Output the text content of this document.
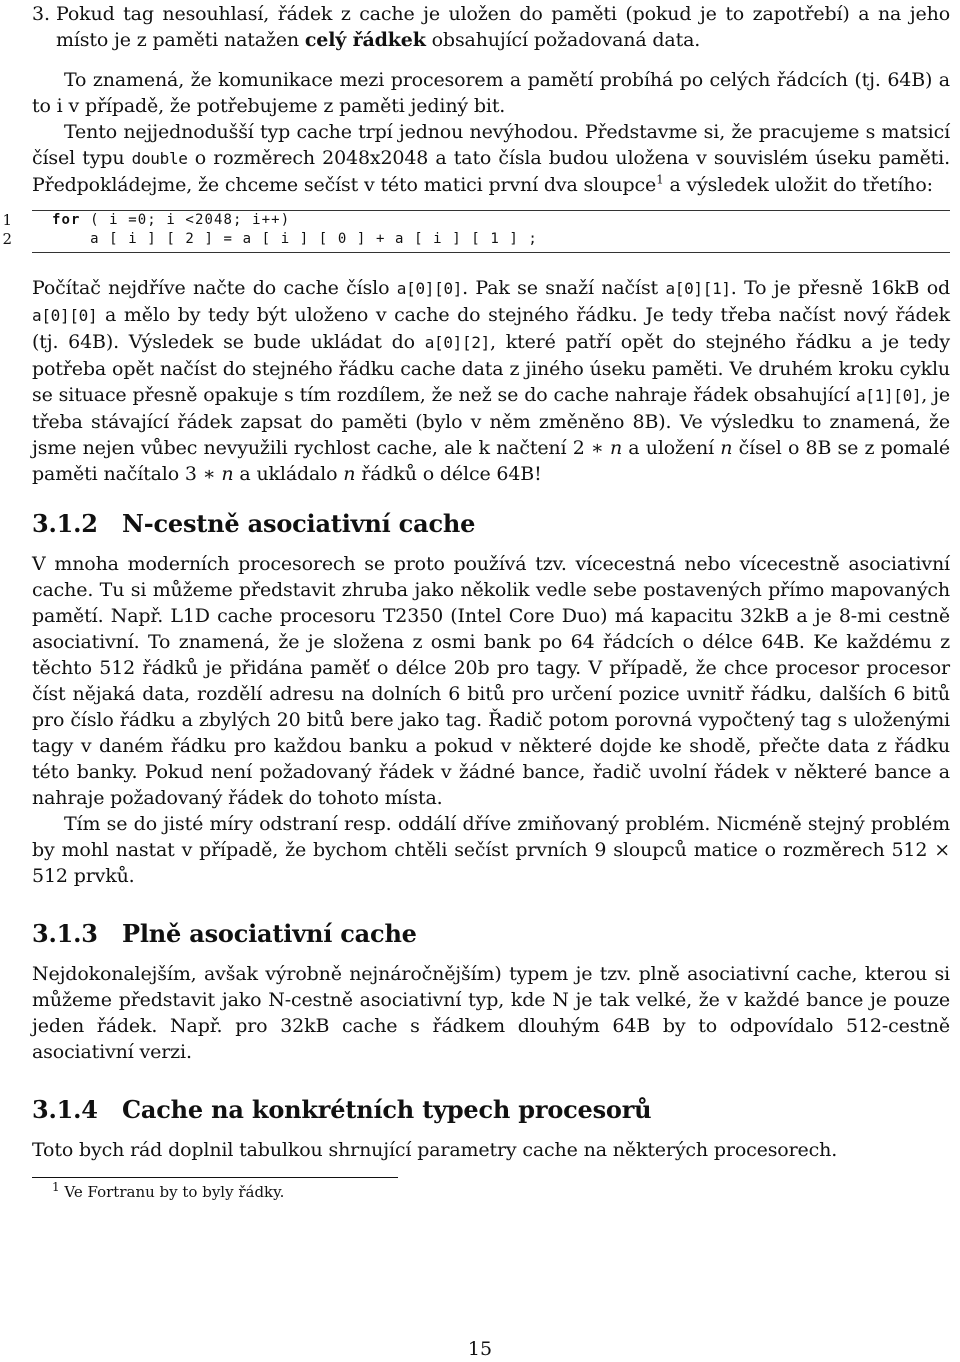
3. Pokud tag nesouhlasí, řádek z cache je uložen do paměti (pokud je to zapotřebí) a na jeho místo je z paměti natažen celý řádkek obsahující požadovaná data.

To znamená, že komunikace mezi procesorem a pamětí probíhá po celých řádcích (tj. 64B) a to i v případě, že potřebujeme z paměti jediný bit.

Tento nejjednodušší typ cache trpí jednou nevýhodou. Představme si, že pracujeme s matsicí čísel typu double o rozměrech 2048x2048 a tato čísla budou uložena v souvislém úseku paměti. Předpokládejme, že chceme sečíst v této matici první dva sloupce$^1$ a výsledek uložit do třetího:

1	for ( i =0; i <2048; i++)
2	a [ i ] [ 2 ] = a [ i ] [ 0 ] + a [ i ] [ 1 ] ;

Počítač nejdříve načte do cache číslo a[0][0]. Pak se snaží načíst a[0][1]. To je přesně 16kB od a[0][0] a mělo by tedy být uloženo v cache do stejného řádku. Je tedy třeba načíst nový řádek (tj. 64B). Výsledek se bude ukládat do a[0][2], které patří opět do stejného řádku a je tedy potřeba opět načíst do stejného řádku cache data z jiného úseku paměti. Ve druhém kroku cyklu se situace přesně opakuje s tím rozdílem, že než se do cache nahraje řádek obsahující a[1][0], je třeba stávající řádek zapsat do paměti (bylo v něm změněno 8B). Ve výsledku to znamená, že jsme nejen vůbec nevyužili rychlost cache, ale k načtení 2 ∗ n a uložení n čísel o 8B se z pomalé paměti načítalo 3 ∗ n a ukládalo n řádků o délce 64B!

3.1.2 N-cestně asociativní cache

V mnoha moderních procesorech se proto používá tzv. vícecestná nebo vícecestně asociativní cache. Tu si můžeme představit zhruba jako několik vedle sebe postavených přímo mapovaných pamětí. Např. L1D cache procesoru T2350 (Intel Core Duo) má kapacitu 32kB a je 8-mi cestně asociativní. To znamená, že je složena z osmi bank po 64 řádcích o délce 64B. Ke každému z těchto 512 řádků je přidána paměť o délce 20b pro tagy. V případě, že chce procesor procesor číst nějaká data, rozdělí adresu na dolních 6 bitů pro určení pozice uvnitř řádku, dalších 6 bitů pro číslo řádku a zbylých 20 bitů bere jako tag. Řadič potom porovná vypočtený tag s uloženými tagy v daném řádku pro každou banku a pokud v některé dojde ke shodě, přečte data z řádku této banky. Pokud není požadovaný řádek v žádné bance, řadič uvolní řádek v některé bance a nahraje požadovaný řádek do tohoto místa.

Tím se do jisté míry odstraní resp. oddálí dříve zmiňovaný problém. Nicméně stejný problém by mohl nastat v případě, že bychom chtěli sečíst prvních 9 sloupců matice o rozměrech 512 × 512 prvků.

3.1.3 Plně asociativní cache

Nejdokonalejším, avšak výrobně nejnáročnějším) typem je tzv. plně asociativní cache, kterou si můžeme představit jako N-cestně asociativní typ, kde N je tak velké, že v každé bance je pouze jeden řádek. Např. pro 32kB cache s řádkem dlouhým 64B by to odpovídalo 512-cestně asociativní verzi.

3.1.4 Cache na konkrétních typech procesorů

Toto bych rád doplnil tabulkou shrnující parametry cache na některých procesorech.

$^1$ Ve Fortranu by to byly řádky.
15
